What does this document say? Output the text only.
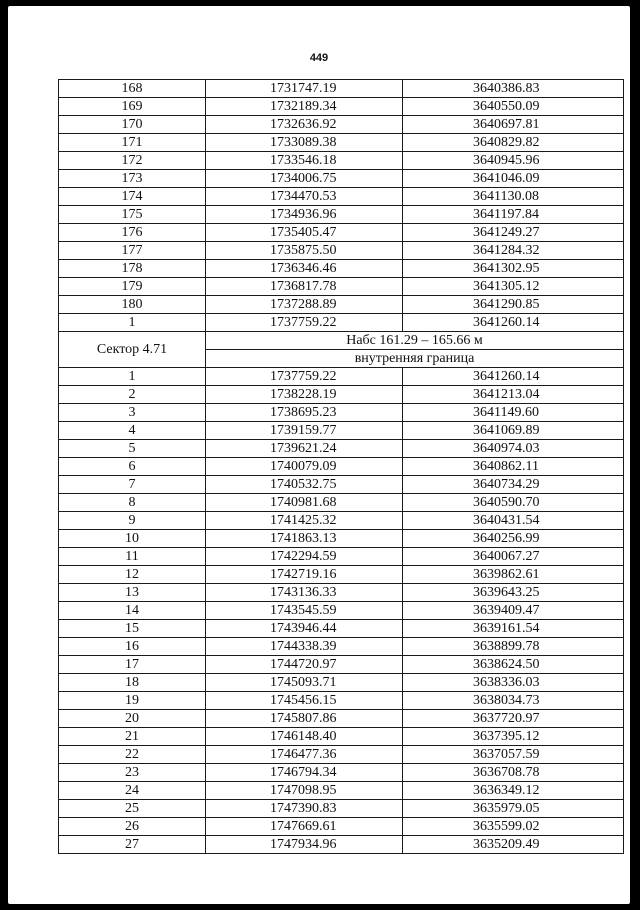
449
168	1731747.19	3640386.83
169	1732189.34	3640550.09
170	1732636.92	3640697.81
171	1733089.38	3640829.82
172	1733546.18	3640945.96
173	1734006.75	3641046.09
174	1734470.53	3641130.08
175	1734936.96	3641197.84
176	1735405.47	3641249.27
177	1735875.50	3641284.32
178	1736346.46	3641302.95
179	1736817.78	3641305.12
180	1737288.89	3641290.85
1	1737759.22	3641260.14
Сектор 4.71	Набс 161.29 – 165.66 м	
	внутренняя граница	
1	1737759.22	3641260.14
2	1738228.19	3641213.04
3	1738695.23	3641149.60
4	1739159.77	3641069.89
5	1739621.24	3640974.03
6	1740079.09	3640862.11
7	1740532.75	3640734.29
8	1740981.68	3640590.70
9	1741425.32	3640431.54
10	1741863.13	3640256.99
11	1742294.59	3640067.27
12	1742719.16	3639862.61
13	1743136.33	3639643.25
14	1743545.59	3639409.47
15	1743946.44	3639161.54
16	1744338.39	3638899.78
17	1744720.97	3638624.50
18	1745093.71	3638336.03
19	1745456.15	3638034.73
20	1745807.86	3637720.97
21	1746148.40	3637395.12
22	1746477.36	3637057.59
23	1746794.34	3636708.78
24	1747098.95	3636349.12
25	1747390.83	3635979.05
26	1747669.61	3635599.02
27	1747934.96	3635209.49
